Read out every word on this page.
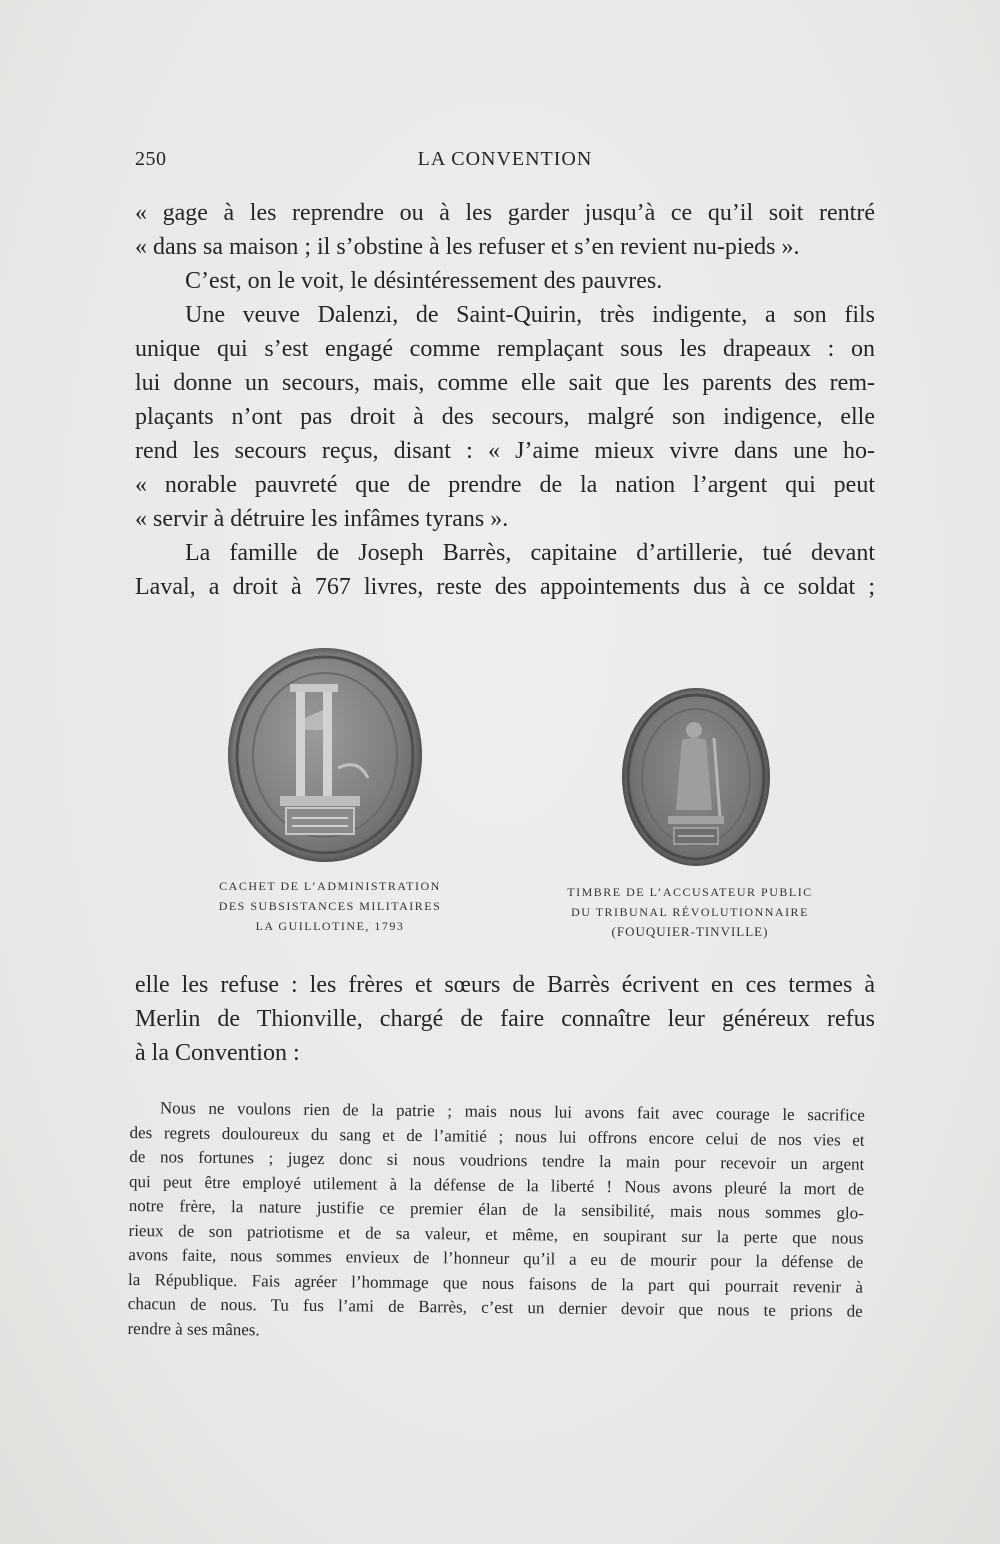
250	LA CONVENTION

« gage à les reprendre ou à les garder jusqu’à ce qu’il soit rentré
« dans sa maison ; il s’obstine à les refuser et s’en revient nu-pieds ».

C’est, on le voit, le désintéressement des pauvres.

Une veuve Dalenzi, de Saint-Quirin, très indigente, a son fils
unique qui s’est engagé comme remplaçant sous les drapeaux : on
lui donne un secours, mais, comme elle sait que les parents des rem-
plaçants n’ont pas droit à des secours, malgré son indigence, elle
rend les secours reçus, disant : « J’aime mieux vivre dans une ho-
« norable pauvreté que de prendre de la nation l’argent qui peut
« servir à détruire les infâmes tyrans ».

La famille de Joseph Barrès, capitaine d’artillerie, tué devant
Laval, a droit à 767 livres, reste des appointements dus à ce soldat ;

CACHET DE L’ADMINISTRATION
DES SUBSISTANCES MILITAIRES
LA GUILLOTINE, 1793
TIMBRE DE L’ACCUSATEUR PUBLIC
DU TRIBUNAL RÉVOLUTIONNAIRE
(FOUQUIER-TINVILLE)

elle les refuse : les frères et sœurs de Barrès écrivent en ces termes à
Merlin de Thionville, chargé de faire connaître leur généreux refus
à la Convention :

Nous ne voulons rien de la patrie ; mais nous lui avons fait avec courage le sacrifice
des regrets douloureux du sang et de l’amitié ; nous lui offrons encore celui de nos vies et
de nos fortunes ; jugez donc si nous voudrions tendre la main pour recevoir un argent
qui peut être employé utilement à la défense de la liberté ! Nous avons pleuré la mort de
notre frère, la nature justifie ce premier élan de la sensibilité, mais nous sommes glo-
rieux de son patriotisme et de sa valeur, et même, en soupirant sur la perte que nous
avons faite, nous sommes envieux de l’honneur qu’il a eu de mourir pour la défense de
la République. Fais agréer l’hommage que nous faisons de la part qui pourrait revenir à
chacun de nous. Tu fus l’ami de Barrès, c’est un dernier devoir que nous te prions de
rendre à ses mânes.
